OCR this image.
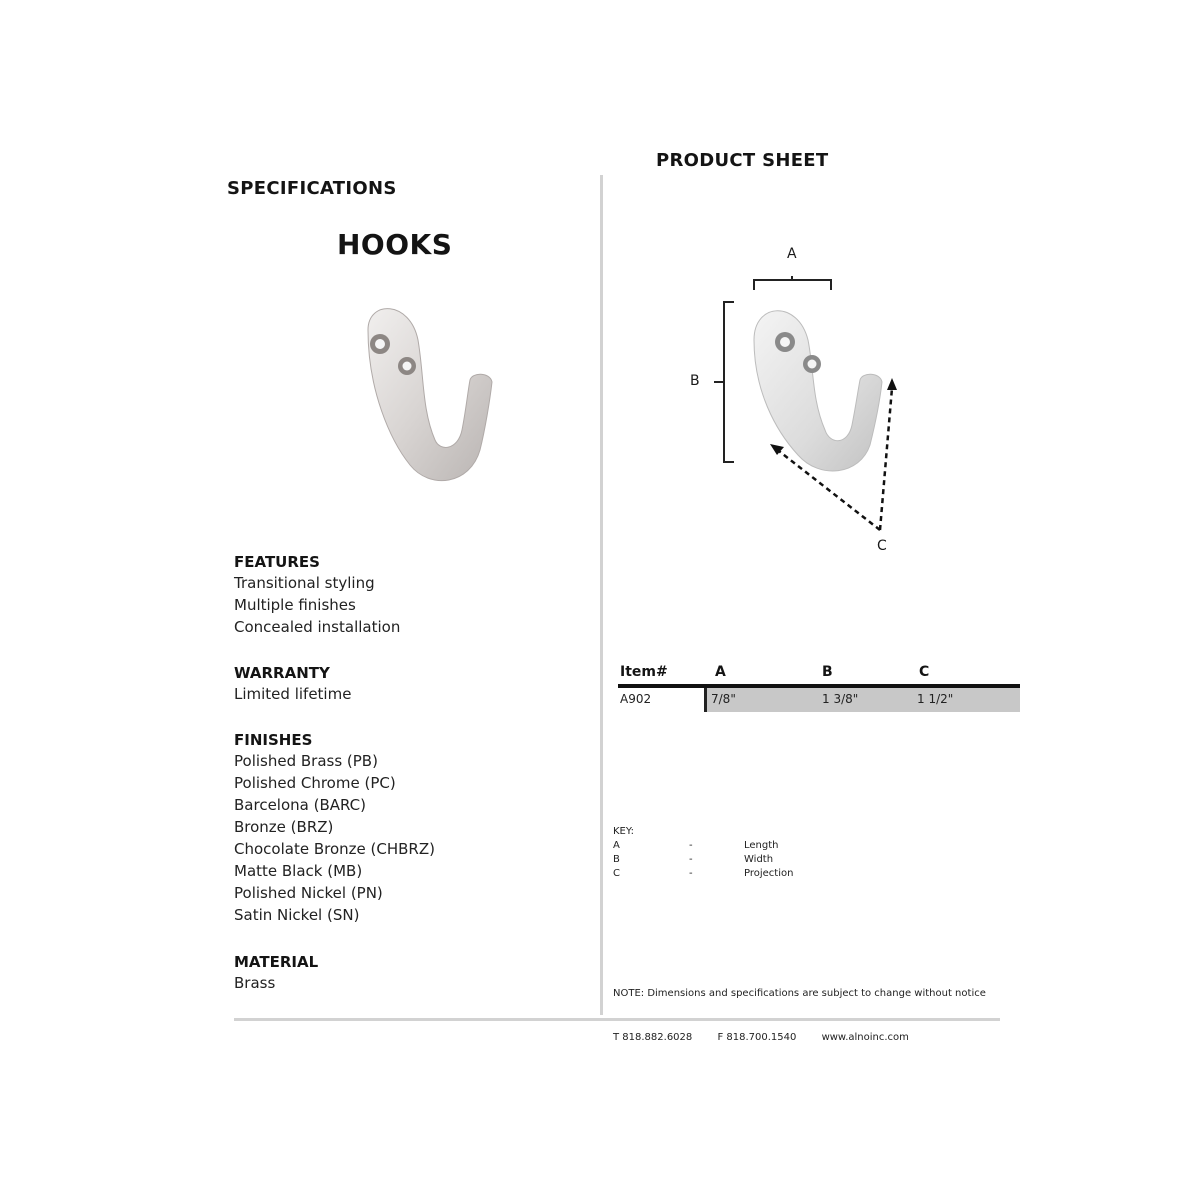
SPECIFICATIONS
HOOKS
FEATURES
Transitional styling
Multiple finishes
Concealed installation
WARRANTY
Limited lifetime
FINISHES
Polished Brass (PB)
Polished Chrome (PC)
Barcelona (BARC)
Bronze (BRZ)
Chocolate Bronze (CHBRZ)
Matte Black (MB)
Polished Nickel (PN)
Satin Nickel (SN)
MATERIAL
Brass
PRODUCT SHEET
A
B
C
Item#	A	B	C
A902	7/8"	1 3/8"	1 1/2"
KEY:
A	-	Length
B	-	Width
C	-	Projection
NOTE: Dimensions and specifications are subject to change without notice
T 818.882.6028	F 818.700.1540	www.alnoinc.com
